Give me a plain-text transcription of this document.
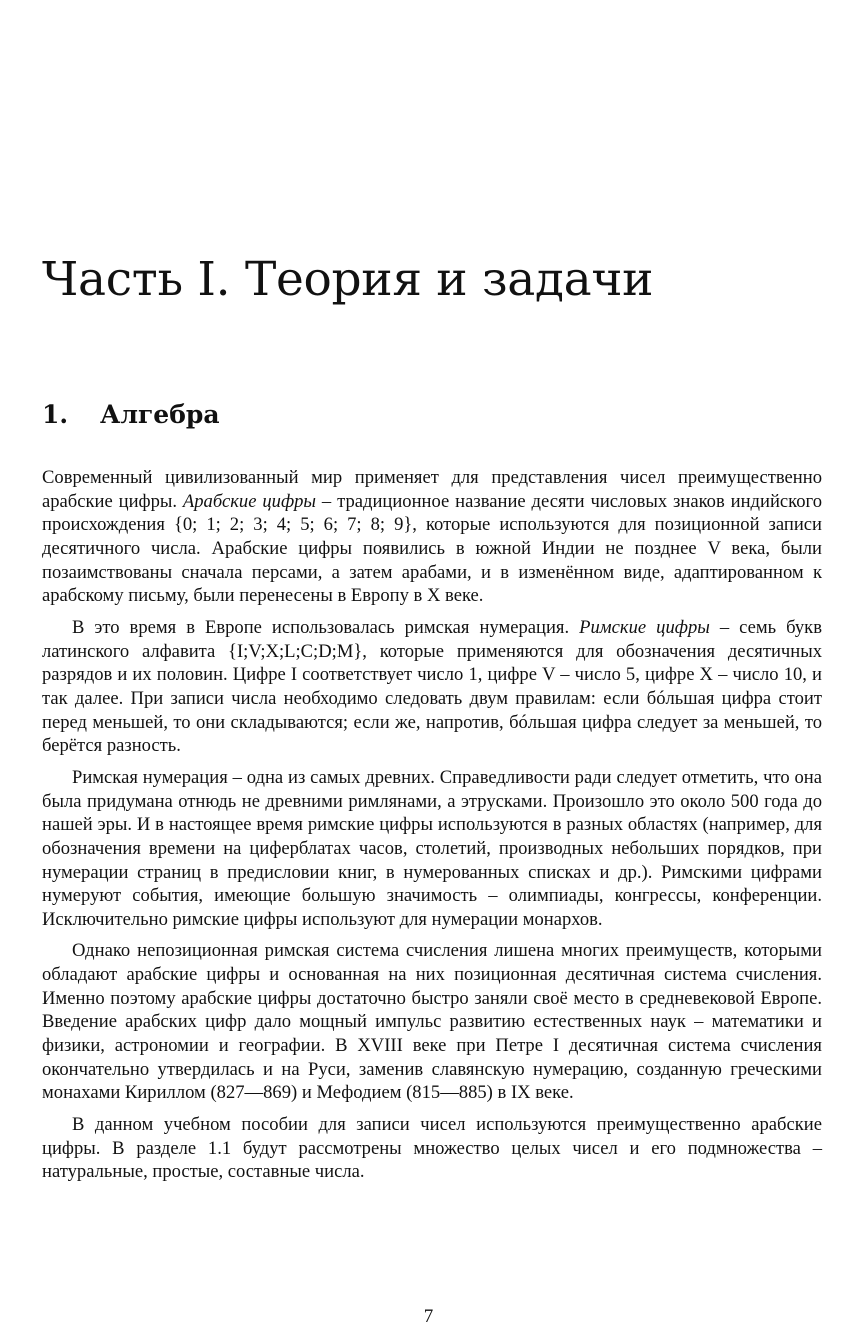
Часть I. Теория и задачи
1. Алгебра

Современный цивилизованный мир применяет для представления чисел преимущественно арабские цифры. Арабские цифры – традиционное название десяти числовых знаков индийского происхождения {0; 1; 2; 3; 4; 5; 6; 7; 8; 9}, которые используются для позиционной записи десятичного числа. Арабские цифры появились в южной Индии не позднее V века, были позаимствованы сначала персами, а затем арабами, и в изменённом виде, адаптированном к арабскому письму, были перенесены в Европу в X веке.

В это время в Европе использовалась римская нумерация. Римские цифры – семь букв латинского алфавита {I;V;X;L;C;D;M}, которые применяются для обозначения десятичных разрядов и их половин. Цифре I соответствует число 1, цифре V – число 5, цифре X – число 10, и так далее. При записи числа необходимо следовать двум правилам: если бóльшая цифра стоит перед меньшей, то они складываются; если же, напротив, бóльшая цифра следует за меньшей, то берётся разность.

Римская нумерация – одна из самых древних. Справедливости ради следует отметить, что она была придумана отнюдь не древними римлянами, а этрусками. Произошло это около 500 года до нашей эры. И в настоящее время римские цифры используются в разных областях (например, для обозначения времени на циферблатах часов, столетий, производных небольших порядков, при нумерации страниц в предисловии книг, в нумерованных списках и др.). Римскими цифрами нумеруют события, имеющие большую значимость – олимпиады, конгрессы, конференции. Исключительно римские цифры используют для нумерации монархов.

Однако непозиционная римская система счисления лишена многих преимуществ, которыми обладают арабские цифры и основанная на них позиционная десятичная система счисления. Именно поэтому арабские цифры достаточно быстро заняли своё место в средневековой Европе. Введение арабских цифр дало мощный импульс развитию естественных наук – математики и физики, астрономии и географии. В XVIII веке при Петре I десятичная система счисления окончательно утвердилась и на Руси, заменив славянскую нумерацию, созданную греческими монахами Кириллом (827—869) и Мефодием (815—885) в IX веке.

В данном учебном пособии для записи чисел используются преимущественно арабские цифры. В разделе 1.1 будут рассмотрены множество целых чисел и его подмножества – натуральные, простые, составные числа.

7
